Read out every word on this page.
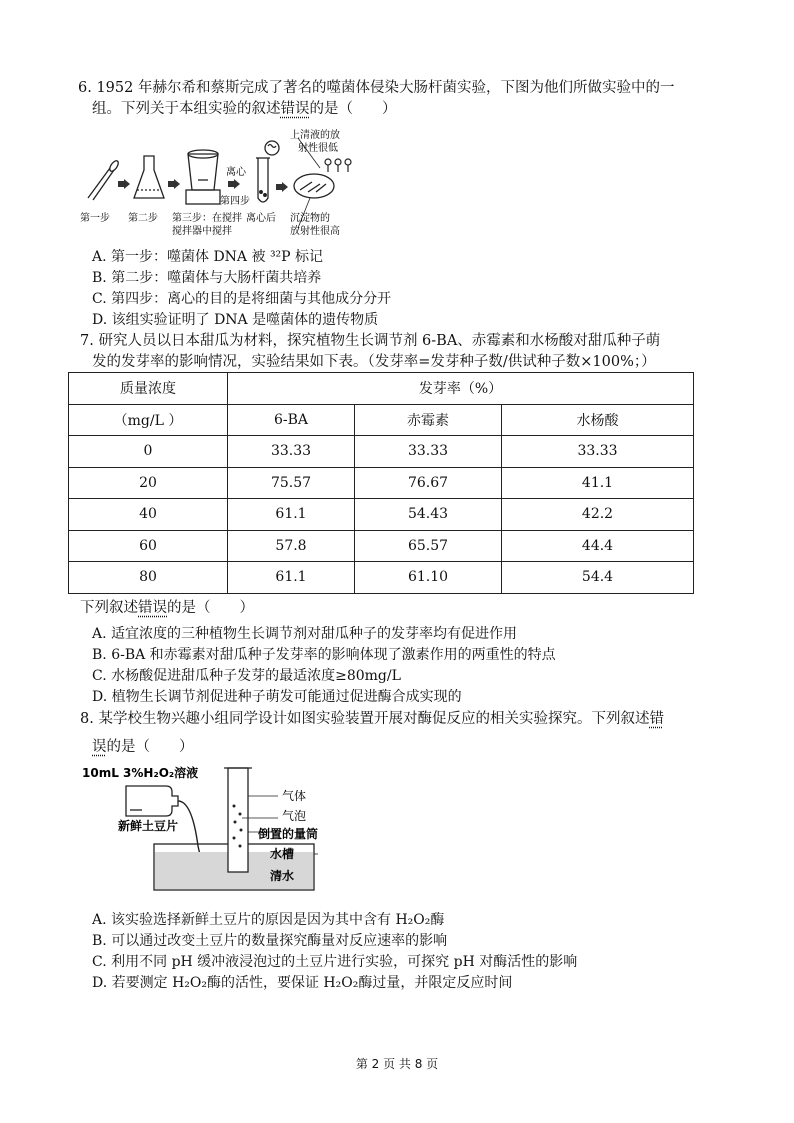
6. 1952 年赫尔希和蔡斯完成了著名的噬菌体侵染大肠杆菌实验，下图为他们所做实验中的一
组。下列关于本组实验的叙述错误的是（　　）
上清液的放
射性很低
离心
第四步
第一步 第二步 第三步：在搅拌
搅拌器中搅拌
离心后 沉淀物的
放射性很高
A. 第一步：噬菌体 DNA 被 ³²P 标记
B. 第二步：噬菌体与大肠杆菌共培养
C. 第四步：离心的目的是将细菌与其他成分分开
D. 该组实验证明了 DNA 是噬菌体的遗传物质
7. 研究人员以日本甜瓜为材料，探究植物生长调节剂 6-BA、赤霉素和水杨酸对甜瓜种子萌
发的发芽率的影响情况，实验结果如下表。（发芽率=发芽种子数/供试种子数×100%；）
质量浓度	发芽率（%）		
（mg/L ）	6-BA	赤霉素	水杨酸
0	33.33	33.33	33.33
20	75.57	76.67	41.1
40	61.1	54.43	42.2
60	57.8	65.57	44.4
80	61.1	61.10	54.4
下列叙述错误的是（　　）
A. 适宜浓度的三种植物生长调节剂对甜瓜种子的发芽率均有促进作用
B. 6-BA 和赤霉素对甜瓜种子发芽率的影响体现了激素作用的两重性的特点
C. 水杨酸促进甜瓜种子发芽的最适浓度≥80mg/L
D. 植物生长调节剂促进种子萌发可能通过促进酶合成实现的
8. 某学校生物兴趣小组同学设计如图实验装置开展对酶促反应的相关实验探究。下列叙述错
误的是（　　）
10mL 3%H₂O₂溶液
新鲜土豆片
气体
气泡
倒置的量筒
水槽
清水
A. 该实验选择新鲜土豆片的原因是因为其中含有 H₂O₂酶
B. 可以通过改变土豆片的数量探究酶量对反应速率的影响
C. 利用不同 pH 缓冲液浸泡过的土豆片进行实验，可探究 pH 对酶活性的影响
D. 若要测定 H₂O₂酶的活性，要保证 H₂O₂酶过量，并限定反应时间
第 2 页 共 8 页
